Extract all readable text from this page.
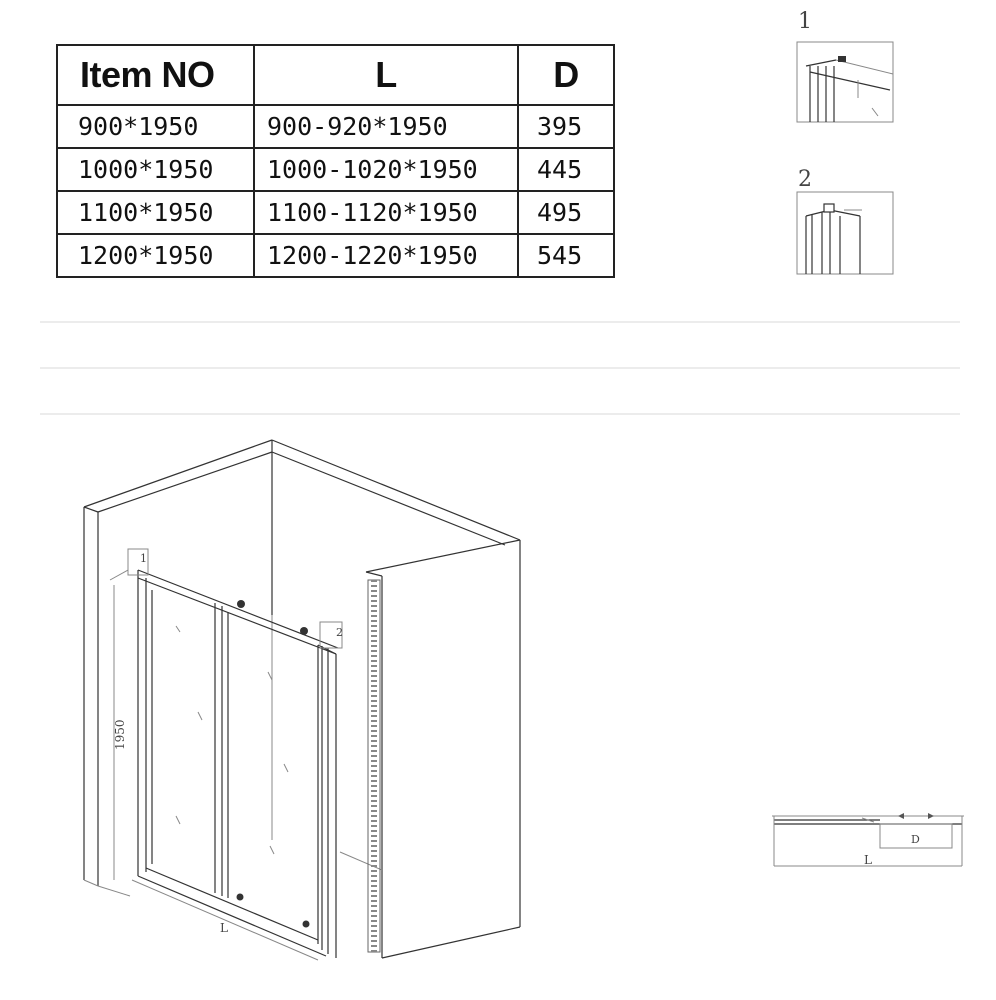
Item NO	L	D
900*1950	900-920*1950	395
1000*1950	1000-1020*1950	445
1100*1950	1100-1120*1950	495
1200*1950	1200-1220*1950	545
1
2
1950
L
1
2
D
L
